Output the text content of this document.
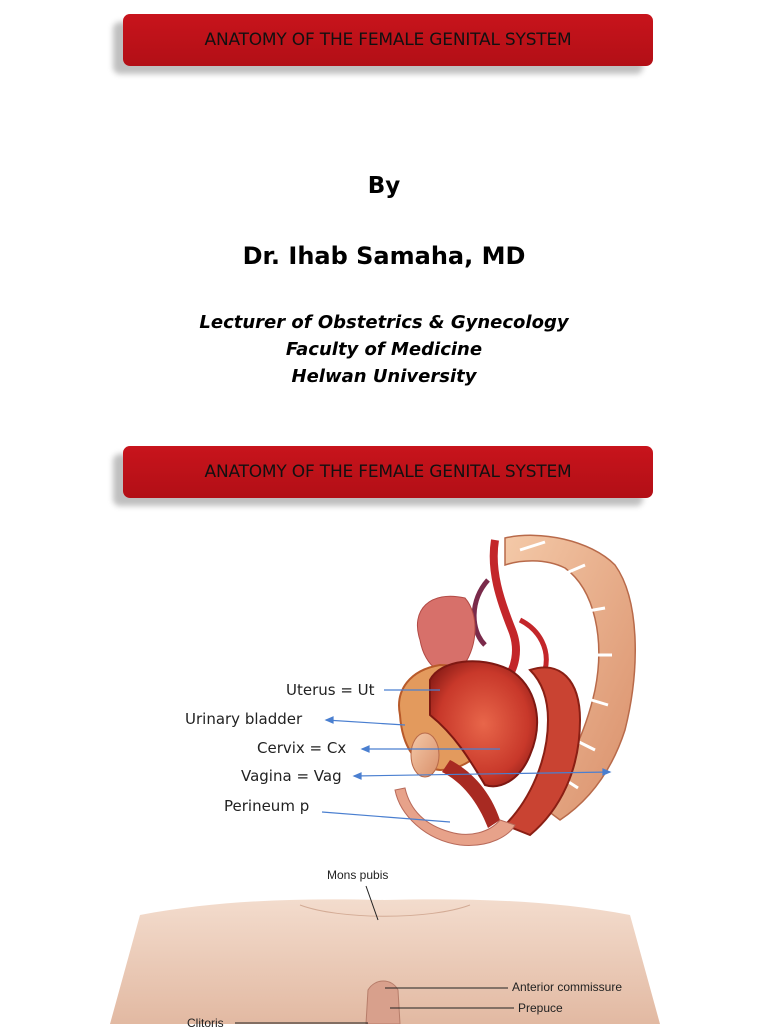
ANATOMY OF THE FEMALE GENITAL SYSTEM
By
Dr. Ihab Samaha, MD
Lecturer of Obstetrics & Gynecology
Faculty of Medicine
Helwan University
ANATOMY OF THE FEMALE GENITAL SYSTEM
Uterus = Ut
Urinary bladder
Cervix = Cx
Vagina = Vag
Perineum p
Mons pubis
Anterior commissure
Prepuce
Clitoris
